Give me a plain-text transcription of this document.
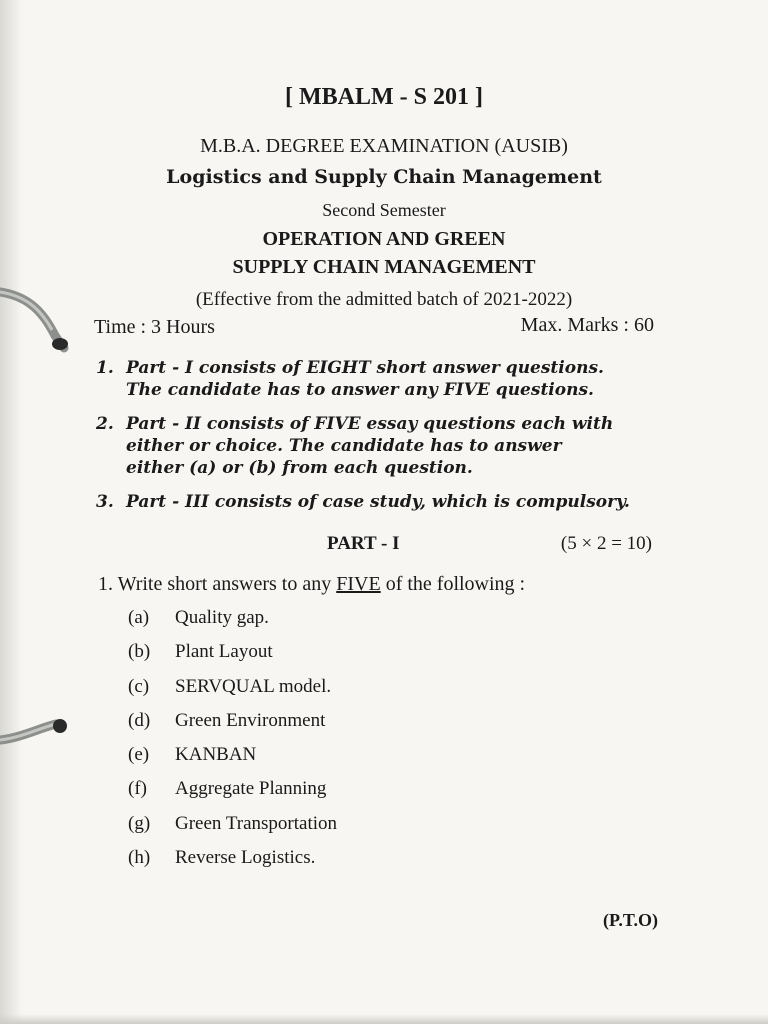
[ MBALM - S 201 ]
M.B.A. DEGREE EXAMINATION (AUSIB)
Logistics and Supply Chain Management
Second Semester
OPERATION AND GREEN
SUPPLY CHAIN MANAGEMENT
(Effective from the admitted batch of 2021-2022)
Time : 3 Hours	Max. Marks : 60
1. Part - I consists of EIGHT short answer questions.
The candidate has to answer any FIVE questions.
2. Part - II consists of FIVE essay questions each with
either or choice. The candidate has to answer
either (a) or (b) from each question.
3. Part - III consists of case study, which is compulsory.
PART - I	(5 × 2 = 10)
1. Write short answers to any FIVE of the following :
(a) Quality gap.
(b) Plant Layout
(c) SERVQUAL model.
(d) Green Environment
(e) KANBAN
(f) Aggregate Planning
(g) Green Transportation
(h) Reverse Logistics.
(P.T.O)
